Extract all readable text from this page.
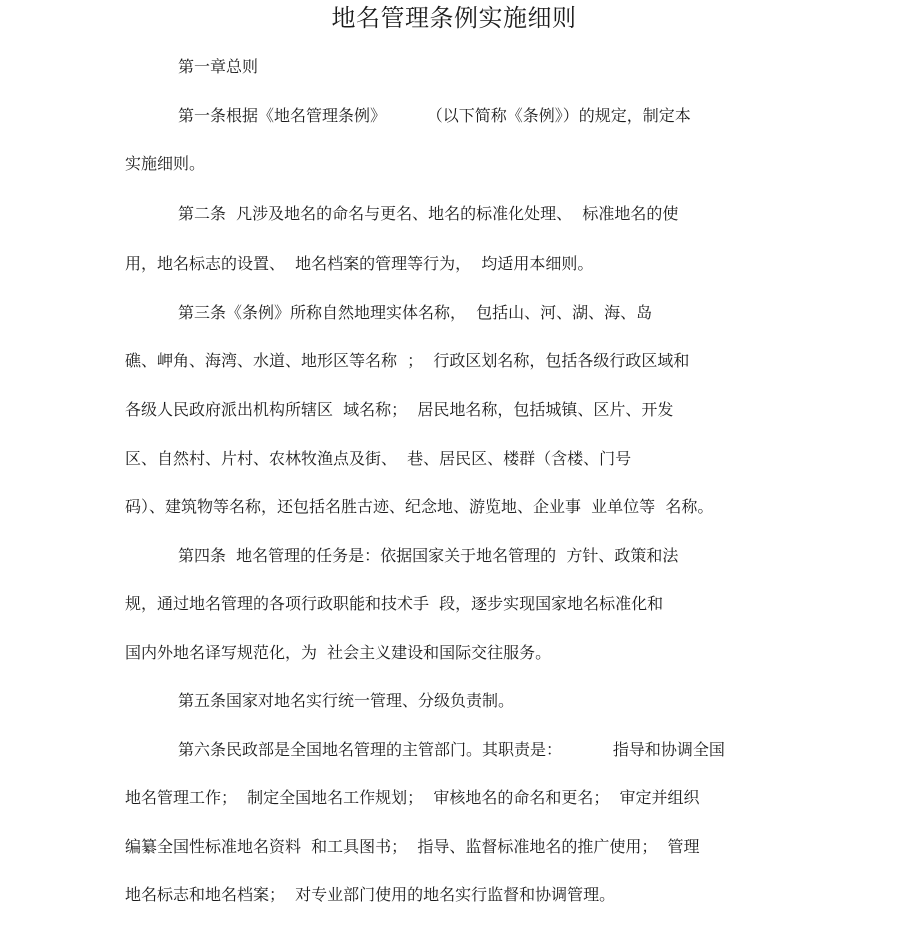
地名管理条例实施细则

第一章总则

第一条根据《地名管理条例》        （以下简称《条例》）的规定，制定本

实施细则。

第二条  凡涉及地名的命名与更名、地名的标准化处理、  标准地名的使

用，地名标志的设置、  地名档案的管理等行为，  均适用本细则。

第三条《条例》所称自然地理实体名称，  包括山、河、湖、海、岛

礁、岬角、海湾、水道、地形区等名称  ；  行政区划名称，包括各级行政区域和

各级人民政府派出机构所辖区  域名称；  居民地名称，包括城镇、区片、开发

区、自然村、片村、农林牧渔点及街、  巷、居民区、楼群（含楼、门号

码）、建筑物等名称，还包括名胜古迹、纪念地、游览地、企业事  业单位等  名称。

第四条  地名管理的任务是：依据国家关于地名管理的  方针、政策和法

规，通过地名管理的各项行政职能和技术手  段，逐步实现国家地名标准化和

国内外地名译写规范化，为  社会主义建设和国际交往服务。

第五条国家对地名实行统一管理、分级负责制。

第六条民政部是全国地名管理的主管部门。其职责是：          指导和协调全国

地名管理工作；  制定全国地名工作规划；  审核地名的命名和更名；  审定并组织

编纂全国性标准地名资料  和工具图书；  指导、监督标准地名的推广使用；  管理

地名标志和地名档案；  对专业部门使用的地名实行监督和协调管理。
